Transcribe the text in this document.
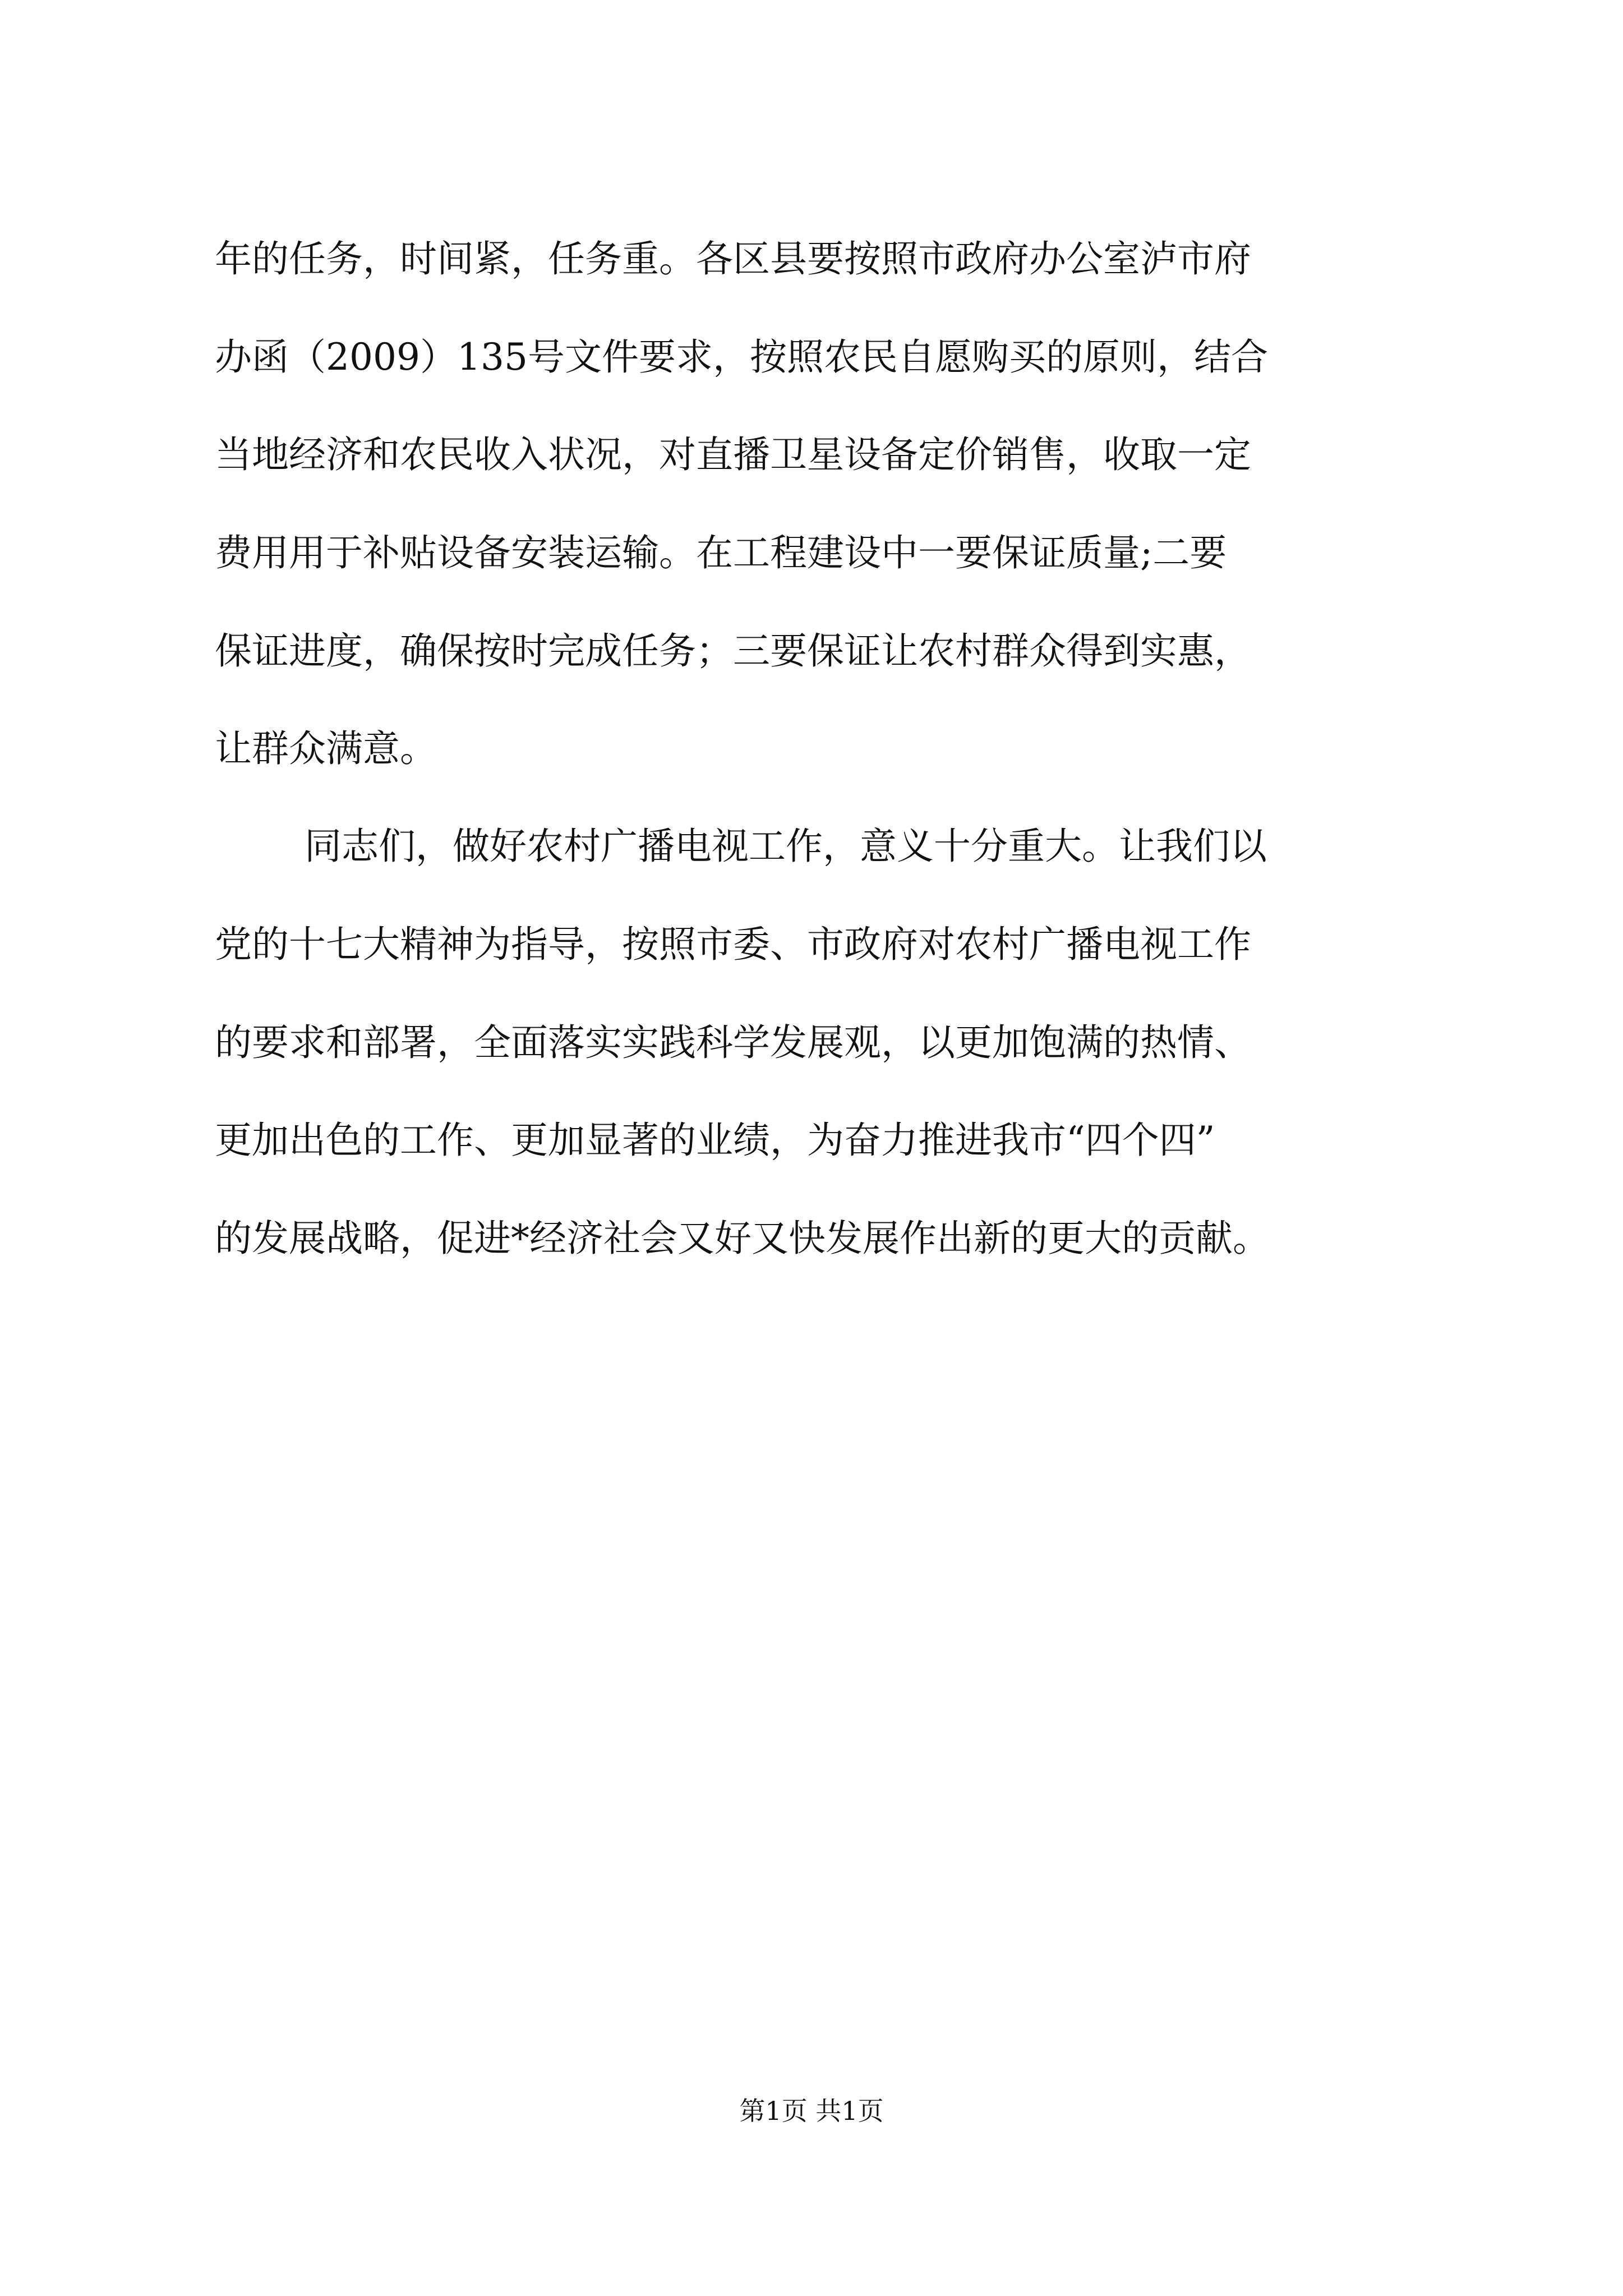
年的任务，时间紧，任务重。各区县要按照市政府办公室泸市府
办函（2009）135号文件要求，按照农民自愿购买的原则，结合
当地经济和农民收入状况，对直播卫星设备定价销售，收取一定
费用用于补贴设备安装运输。在工程建设中一要保证质量;二要
保证进度，确保按时完成任务；三要保证让农村群众得到实惠，
让群众满意。
同志们，做好农村广播电视工作，意义十分重大。让我们以
党的十七大精神为指导，按照市委、市政府对农村广播电视工作
的要求和部署，全面落实实践科学发展观，以更加饱满的热情、
更加出色的工作、更加显著的业绩，为奋力推进我市“四个四”
的发展战略，促进*经济社会又好又快发展作出新的更大的贡献。
第1页 共1页
